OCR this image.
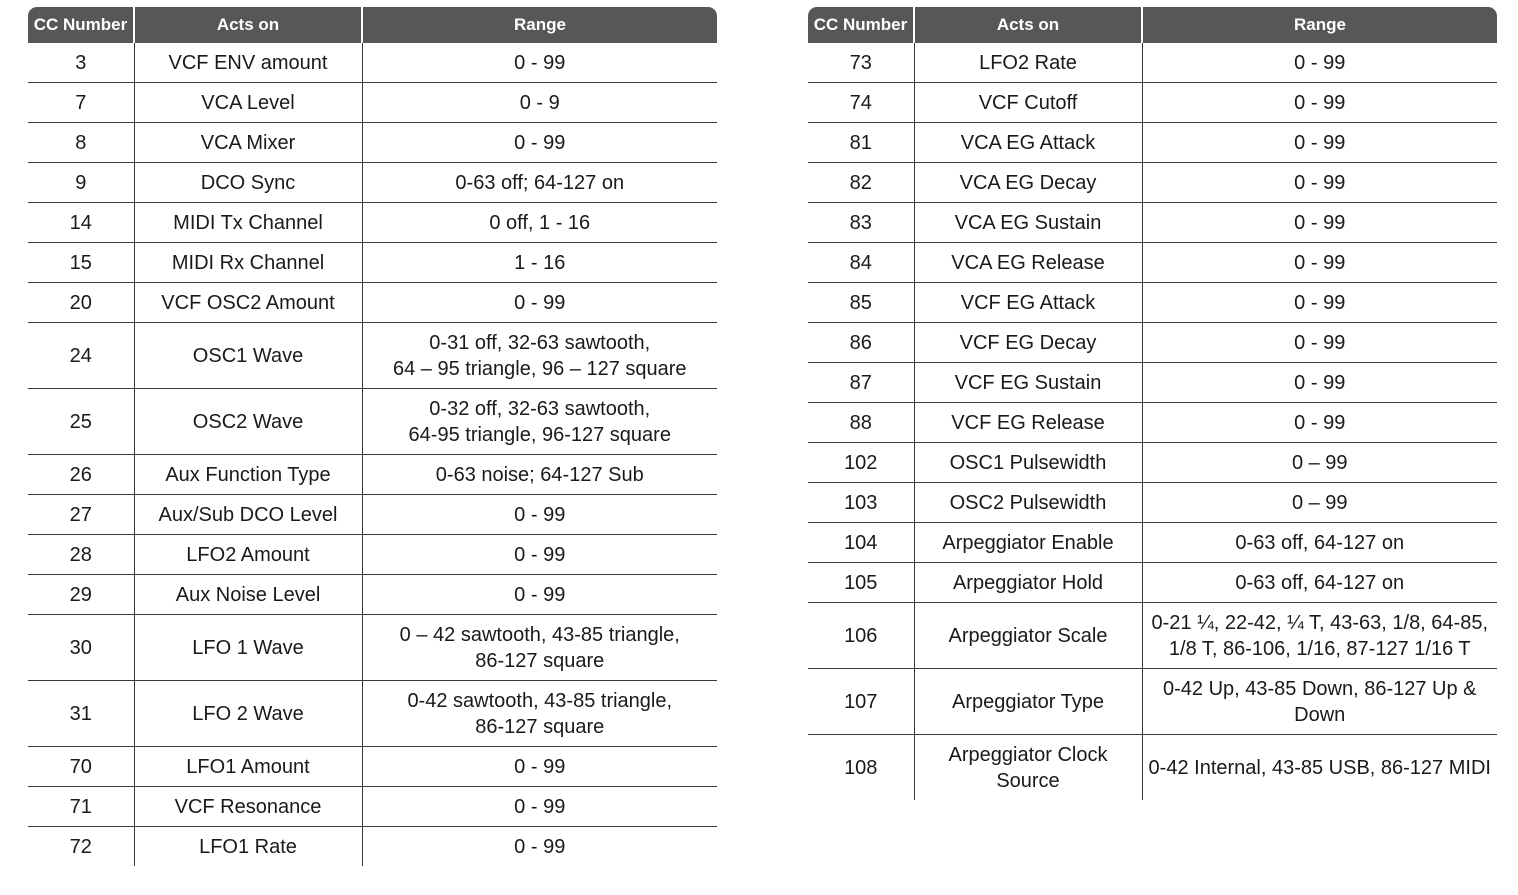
CC Number	Acts on	Range
3	VCF ENV amount	0 - 99
7	VCA Level	0 - 9
8	VCA Mixer	0 - 99
9	DCO Sync	0-63 off; 64-127 on
14	MIDI Tx Channel	0 off, 1 - 16
15	MIDI Rx Channel	1 - 16
20	VCF OSC2 Amount	0 - 99
24	OSC1 Wave	0-31 off, 32-63 sawtooth,
64 – 95 triangle, 96 – 127 square
25	OSC2 Wave	0-32 off, 32-63 sawtooth,
64-95 triangle, 96-127 square
26	Aux Function Type	0-63 noise; 64-127 Sub
27	Aux/Sub DCO Level	0 - 99
28	LFO2 Amount	0 - 99
29	Aux Noise Level	0 - 99
30	LFO 1 Wave	0 – 42 sawtooth, 43-85 triangle,
86-127 square
31	LFO 2 Wave	0-42 sawtooth, 43-85 triangle,
86-127 square
70	LFO1 Amount	0 - 99
71	VCF Resonance	0 - 99
72	LFO1 Rate	0 - 99
CC Number	Acts on	Range
73	LFO2 Rate	0 - 99
74	VCF Cutoff	0 - 99
81	VCA EG Attack	0 - 99
82	VCA EG Decay	0 - 99
83	VCA EG Sustain	0 - 99
84	VCA EG Release	0 - 99
85	VCF EG Attack	0 - 99
86	VCF EG Decay	0 - 99
87	VCF EG Sustain	0 - 99
88	VCF EG Release	0 - 99
102	OSC1 Pulsewidth	0 – 99
103	OSC2 Pulsewidth	0 – 99
104	Arpeggiator Enable	0-63 off, 64-127 on
105	Arpeggiator Hold	0-63 off, 64-127 on
106	Arpeggiator Scale	0-21 ¼, 22-42, ¼ T, 43-63, 1/8, 64-85,
1/8 T, 86-106, 1/16, 87-127 1/16 T
107	Arpeggiator Type	0-42 Up, 43-85 Down, 86-127 Up &
Down
108	Arpeggiator Clock
Source	0-42 Internal, 43-85 USB, 86-127 MIDI
